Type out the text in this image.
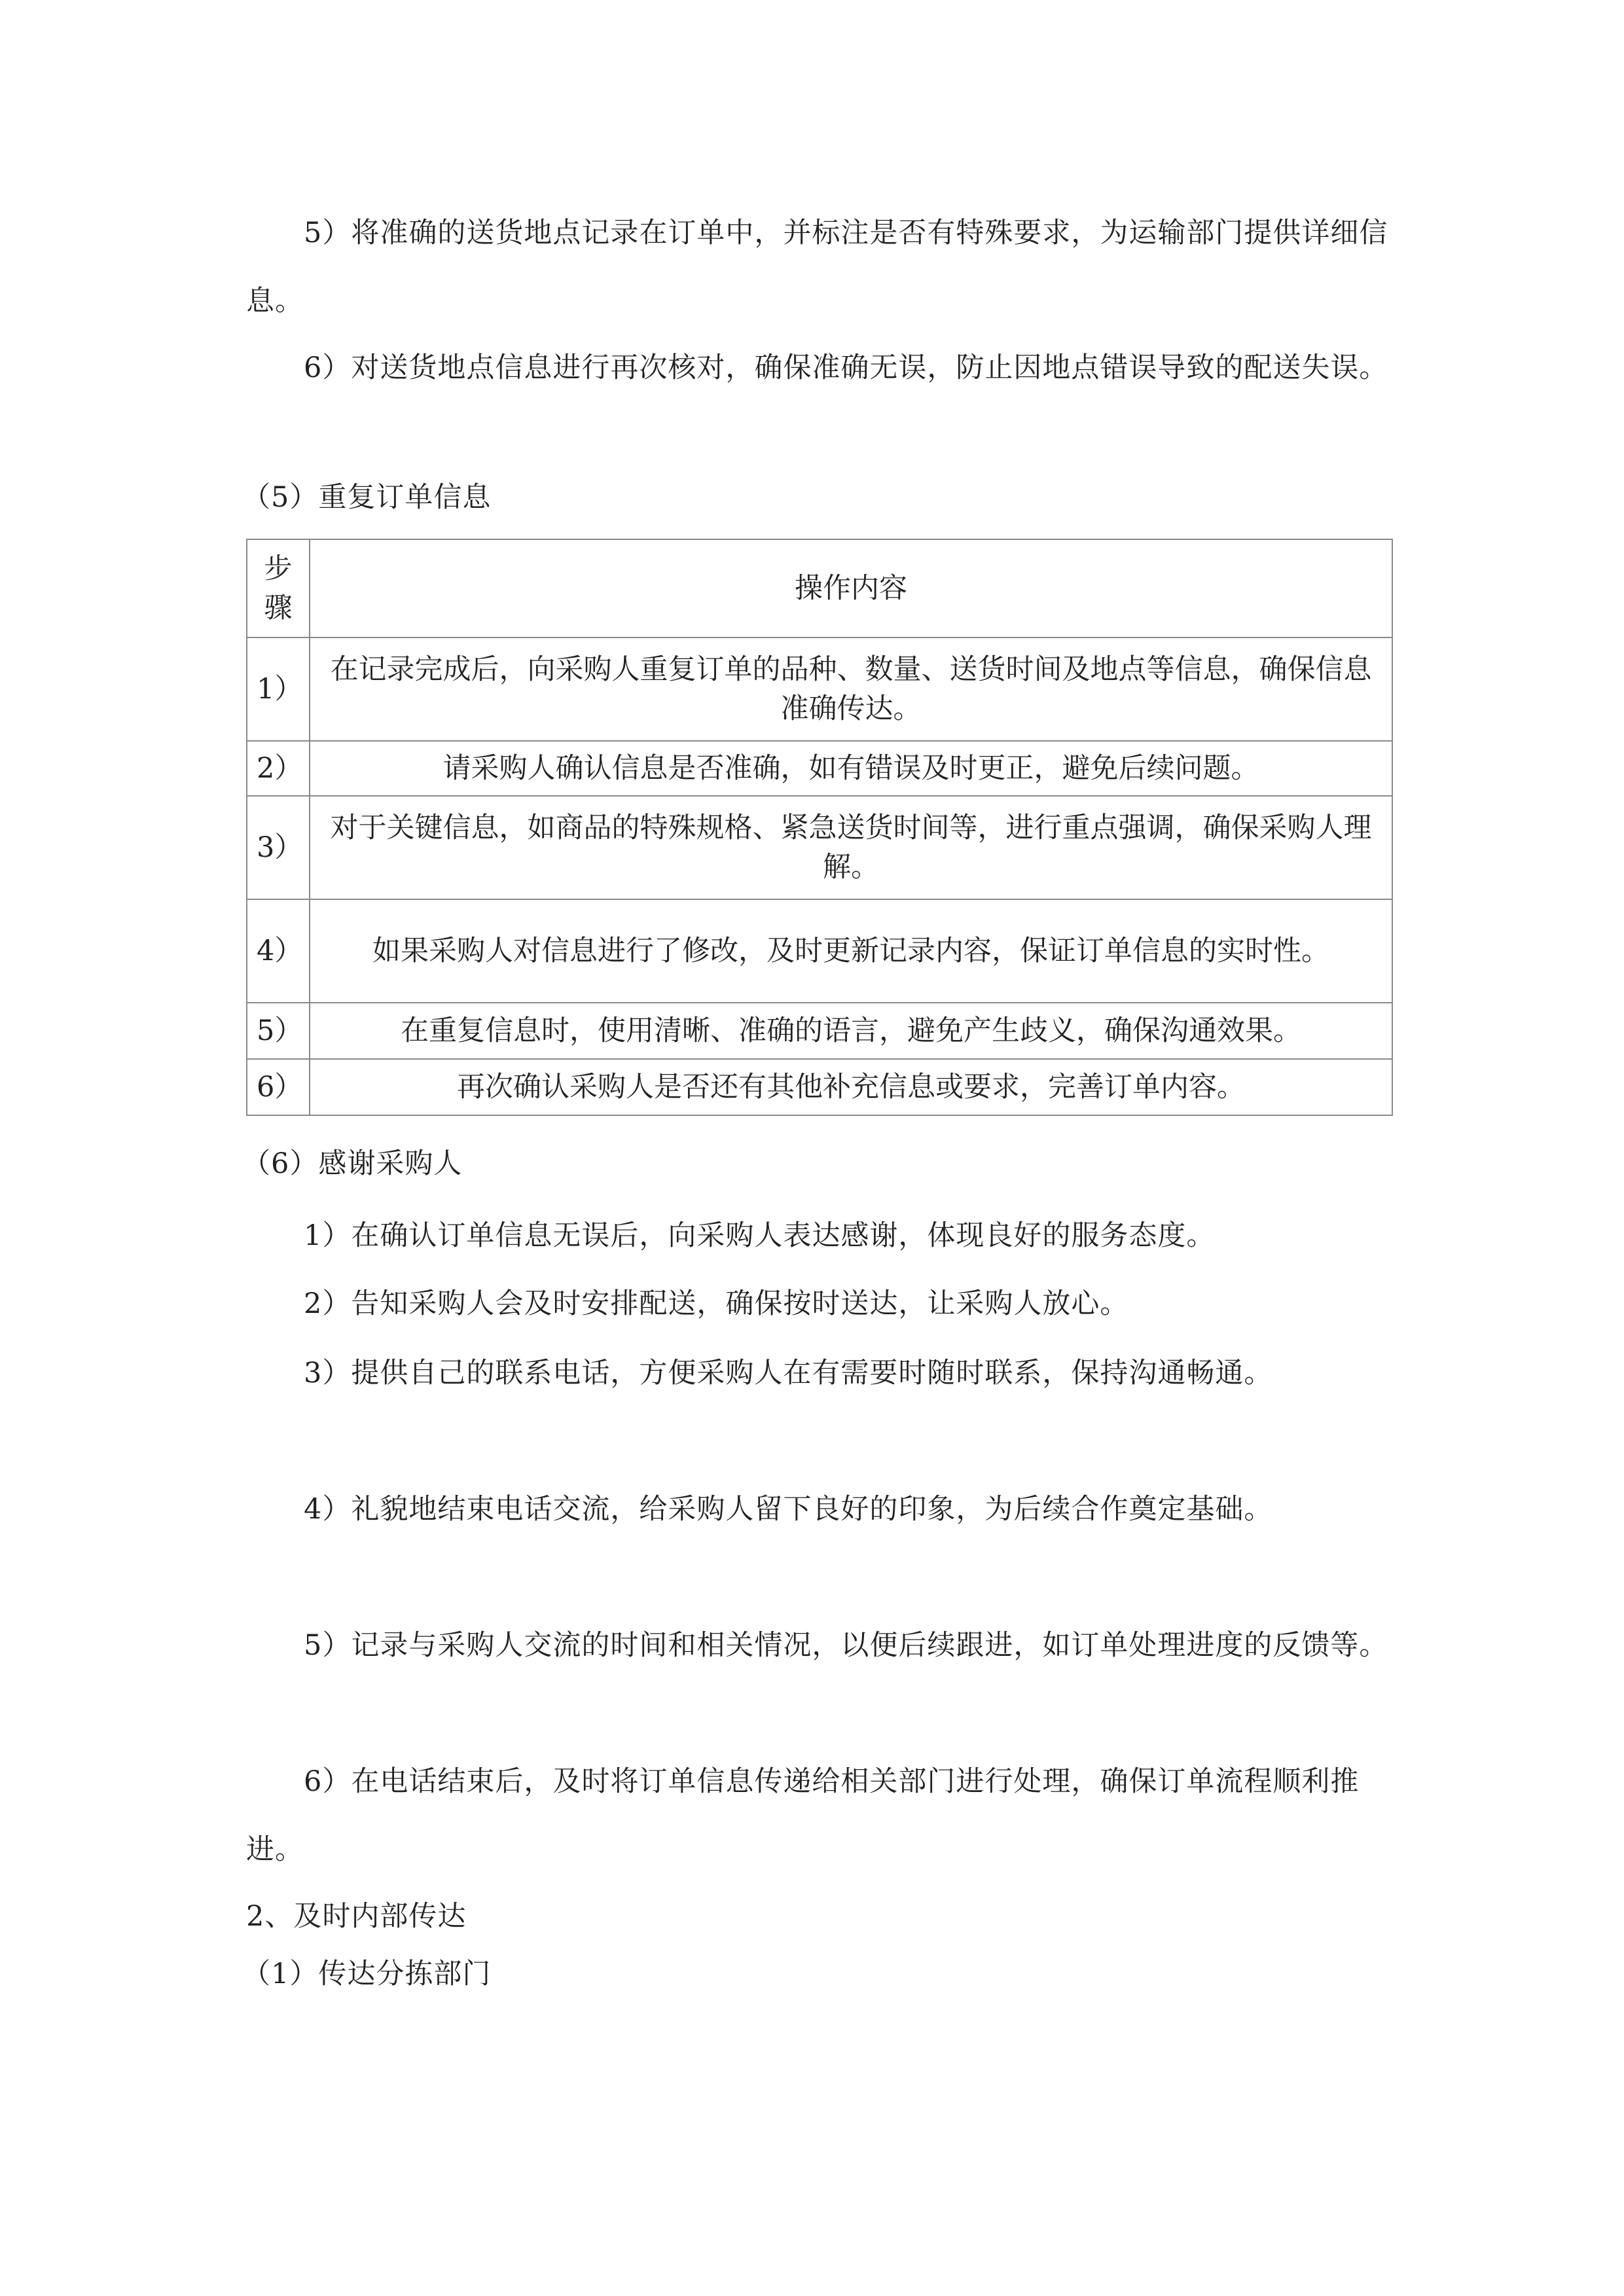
5）将准确的送货地点记录在订单中，并标注是否有特殊要求，为运输部门提供详细信息。

6）对送货地点信息进行再次核对，确保准确无误，防止因地点错误导致的配送失误。

（5）重复订单信息

步骤	操作内容
1）	在记录完成后，向采购人重复订单的品种、数量、送货时间及地点等信息，确保信息准确传达。
2）	请采购人确认信息是否准确，如有错误及时更正，避免后续问题。
3）	对于关键信息，如商品的特殊规格、紧急送货时间等，进行重点强调，确保采购人理解。
4）	如果采购人对信息进行了修改，及时更新记录内容，保证订单信息的实时性。
5）	在重复信息时，使用清晰、准确的语言，避免产生歧义，确保沟通效果。
6）	再次确认采购人是否还有其他补充信息或要求，完善订单内容。

（6）感谢采购人

1）在确认订单信息无误后，向采购人表达感谢，体现良好的服务态度。

2）告知采购人会及时安排配送，确保按时送达，让采购人放心。

3）提供自己的联系电话，方便采购人在有需要时随时联系，保持沟通畅通。

4）礼貌地结束电话交流，给采购人留下良好的印象，为后续合作奠定基础。

5）记录与采购人交流的时间和相关情况，以便后续跟进，如订单处理进度的反馈等。

6）在电话结束后，及时将订单信息传递给相关部门进行处理，确保订单流程顺利推进。

2、及时内部传达

（1）传达分拣部门
